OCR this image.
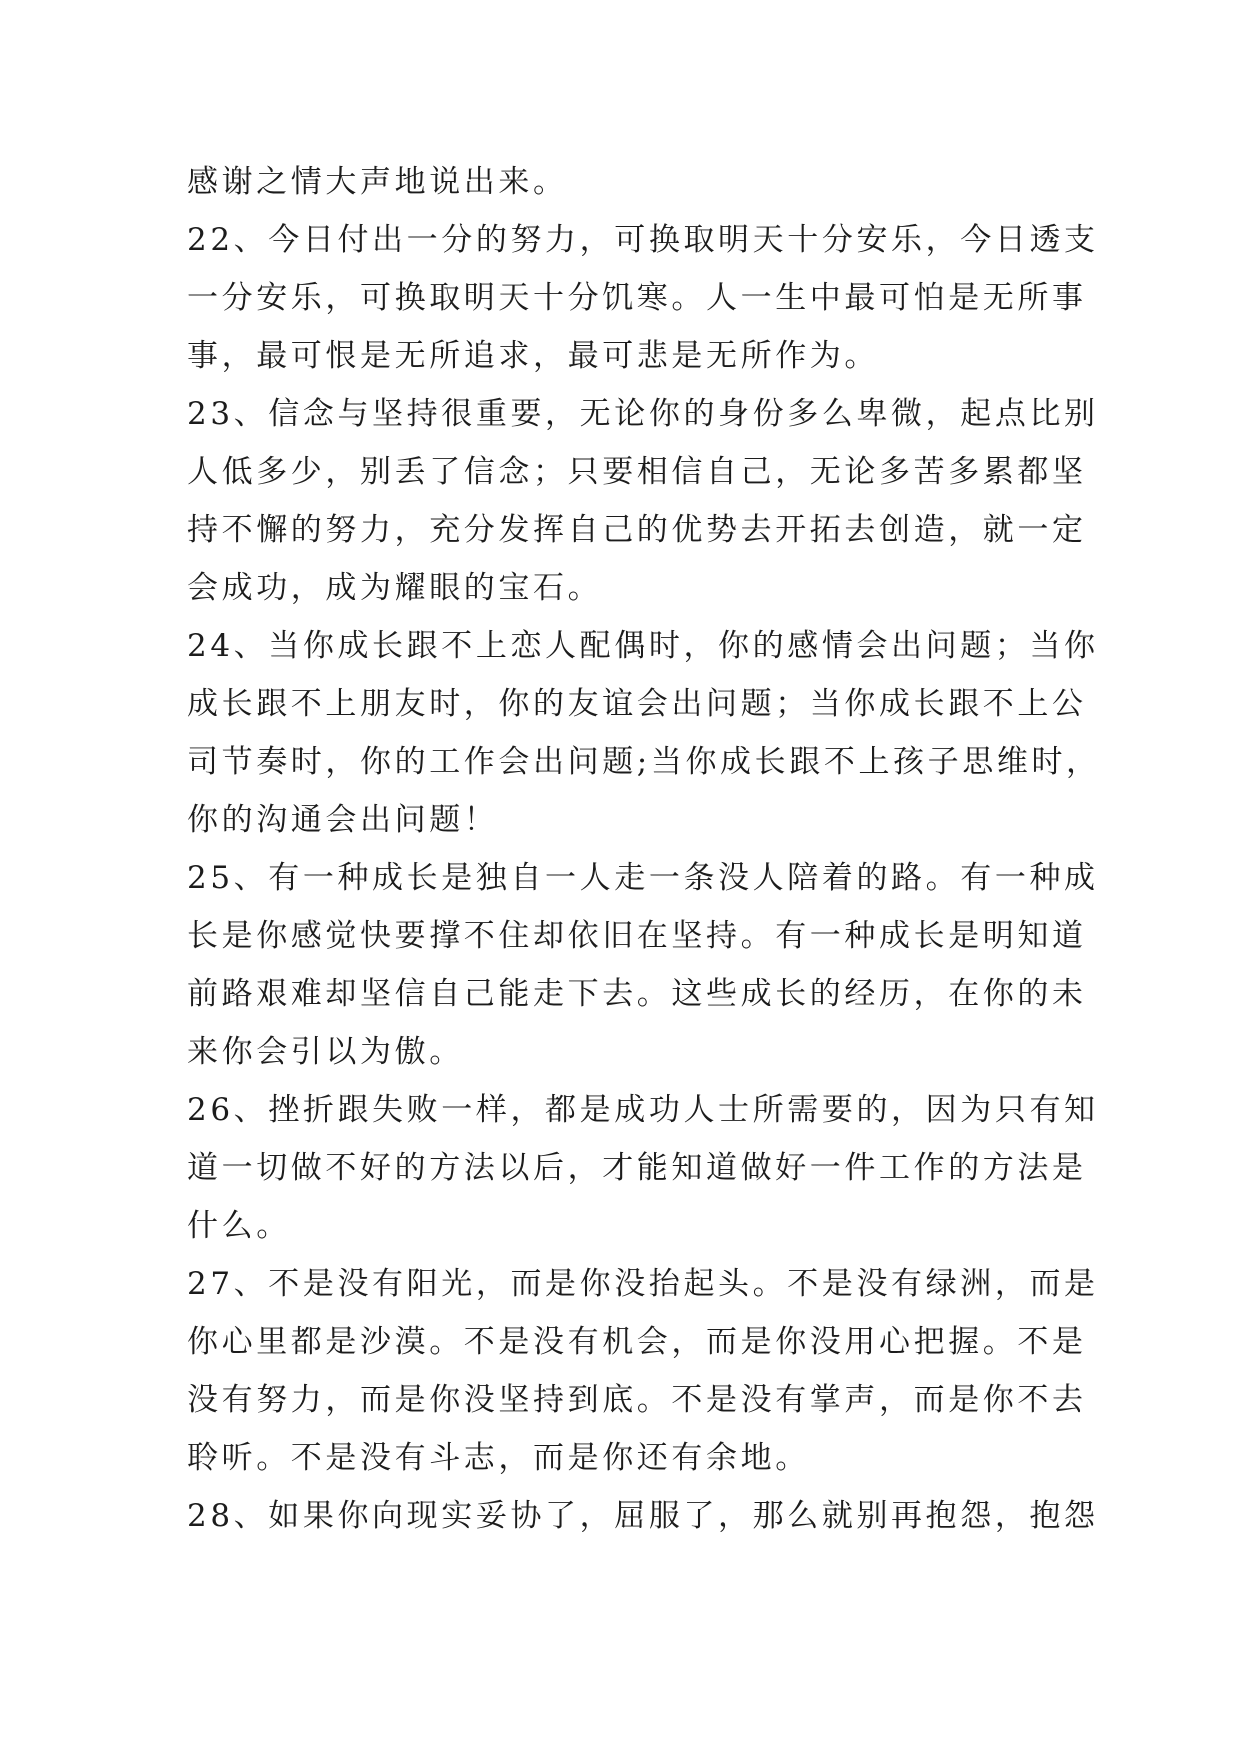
感谢之情大声地说出来。
22、今日付出一分的努力，可换取明天十分安乐，今日透支
一分安乐，可换取明天十分饥寒。人一生中最可怕是无所事
事，最可恨是无所追求，最可悲是无所作为。
23、信念与坚持很重要，无论你的身份多么卑微，起点比别
人低多少，别丢了信念；只要相信自己，无论多苦多累都坚
持不懈的努力，充分发挥自己的优势去开拓去创造，就一定
会成功，成为耀眼的宝石。
24、当你成长跟不上恋人配偶时，你的感情会出问题；当你
成长跟不上朋友时，你的友谊会出问题；当你成长跟不上公
司节奏时，你的工作会出问题;当你成长跟不上孩子思维时，
你的沟通会出问题！
25、有一种成长是独自一人走一条没人陪着的路。有一种成
长是你感觉快要撑不住却依旧在坚持。有一种成长是明知道
前路艰难却坚信自己能走下去。这些成长的经历，在你的未
来你会引以为傲。
26、挫折跟失败一样，都是成功人士所需要的，因为只有知
道一切做不好的方法以后，才能知道做好一件工作的方法是
什么。
27、不是没有阳光，而是你没抬起头。不是没有绿洲，而是
你心里都是沙漠。不是没有机会，而是你没用心把握。不是
没有努力，而是你没坚持到底。不是没有掌声，而是你不去
聆听。不是没有斗志，而是你还有余地。
28、如果你向现实妥协了，屈服了，那么就别再抱怨，抱怨
